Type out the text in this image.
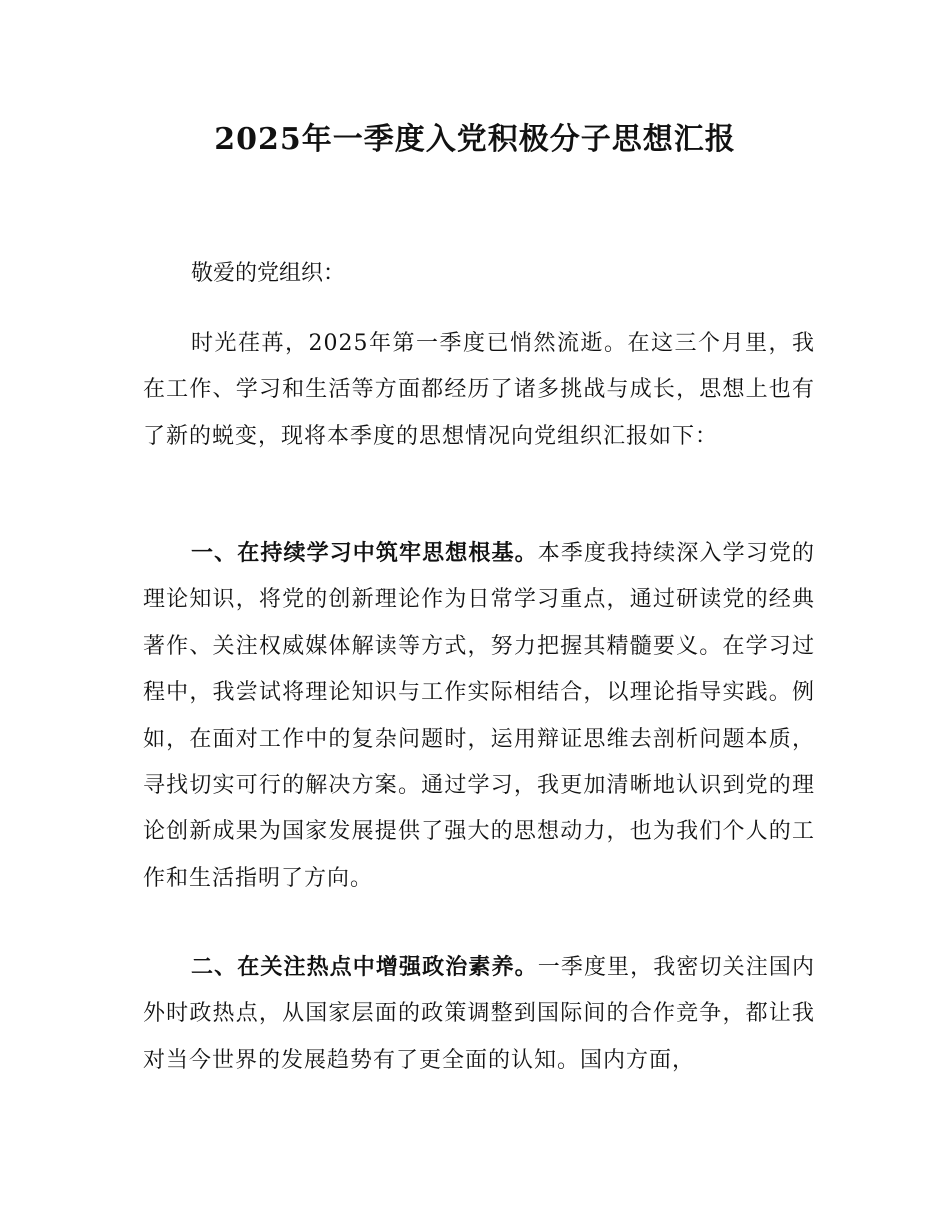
2025年一季度入党积极分子思想汇报

敬爱的党组织：

时光荏苒，2025年第一季度已悄然流逝。在这三个月里，我在工作、学习和生活等方面都经历了诸多挑战与成长，思想上也有了新的蜕变，现将本季度的思想情况向党组织汇报如下：

一、在持续学习中筑牢思想根基。本季度我持续深入学习党的理论知识，将党的创新理论作为日常学习重点，通过研读党的经典著作、关注权威媒体解读等方式，努力把握其精髓要义。在学习过程中，我尝试将理论知识与工作实际相结合，以理论指导实践。例如，在面对工作中的复杂问题时，运用辩证思维去剖析问题本质，寻找切实可行的解决方案。通过学习，我更加清晰地认识到党的理论创新成果为国家发展提供了强大的思想动力，也为我们个人的工作和生活指明了方向。

二、在关注热点中增强政治素养。一季度里，我密切关注国内外时政热点，从国家层面的政策调整到国际间的合作竞争，都让我对当今世界的发展趋势有了更全面的认知。国内方面，
